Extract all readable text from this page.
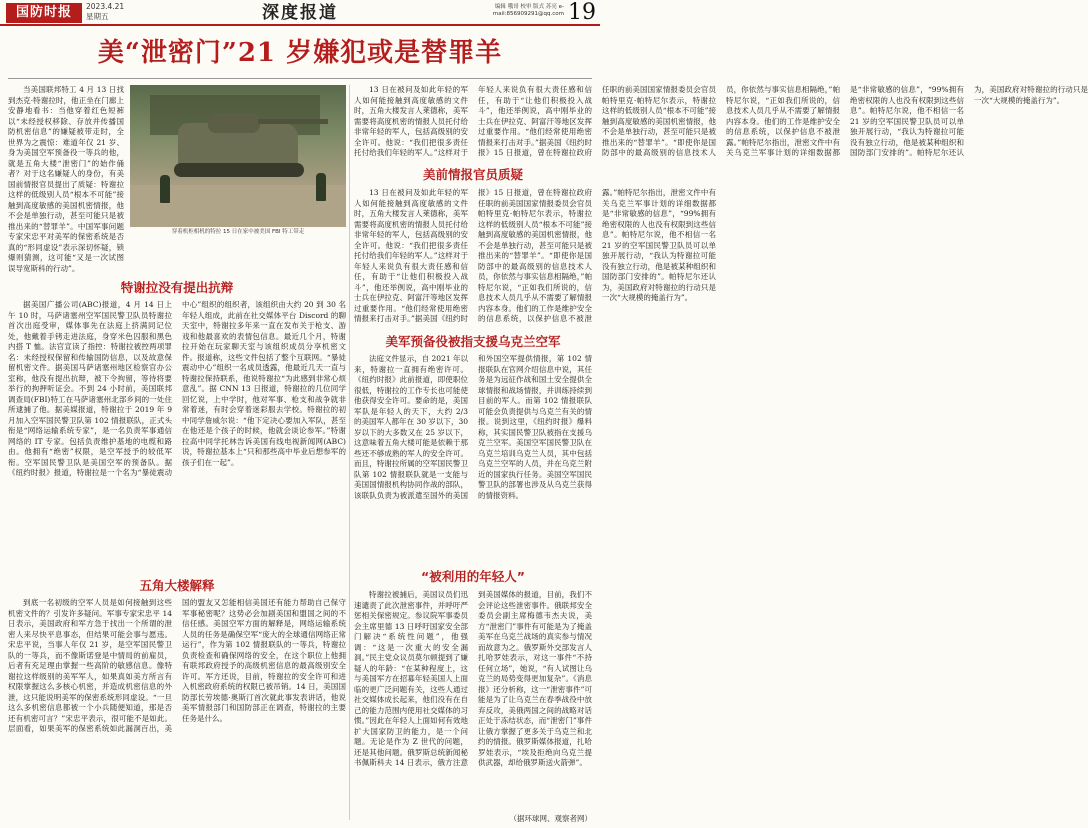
国防时报	2023.4.21
星期五	深度报道	编辑 哦哥 校审 版式 苏亮 e-mail:856909291@qq.com 19
美“泄密门”21 岁嫌犯或是替罪羊
穿着机柜相机的特拉 15 日在家中被美国 FBI 特工带走

当美国联邦特工 4 月 13 日找到杰克·特谢拉时，他正坐在门廊上安静地看书：当他穿着红色短裤以“未经授权移除、存放并传播国防机密信息”的嫌疑被带走时，全世界为之震惊：难道年仅 21 岁、身为美国空军预备役一等兵的他，就是五角大楼“泄密门”的始作俑者？对于这名嫌疑人的身份，有美国前情报官员提出了质疑：特谢拉这样的低级别人员“根本不可能”接触到高度敏感的美国机密情报，他不会是单独行动，甚至可能只是被推出来的“替罪羊”。中国军事问题专家宋忠平对美军的保密系统是否真的“形同虚设”表示深切怀疑，锁爆则猜测，这可能“又是一次试图误导宽斯科的行动”。

特谢拉没有提出抗辩

据美国广播公司(ABC)报道，4 月 14 日上午 10 时，马萨诸塞州空军国民警卫队员特谢拉首次出庭受审，媒体事先在法庭上挤满同记位处，他戴着手铐走进法庭，身穿米色囚服和黑色内搭 T 恤。法官宣读了指控：特谢拉被控两项罪名：未经授权保留和传输国防信息，以及故意保留机密文件。据美国马萨诸塞州地区检察官办公室称，他没有提出抗辩，被下令拘留，等待将要举行的拘押听证会。不到 24 小时前，美国联邦调查局(FBI)特工在马萨诸塞州北部乡间的一处住所逮捕了他。据美媒报道，特谢拉于 2019 年 9 月加入空军国民警卫队第 102 情报联队，正式头衔是“网络运输系统专家”，是一名负责军事通信网络的 IT 专家。包括负责维护基地的电缆和路由。他拥有“绝密”权限，是空军授予的较低军衔。空军国民警卫队是美国空军的预备队。据《纽约时报》报道，特谢拉是一个名为“暴徒震动中心”组织的组织者，该组织由大约 20 到 30 名年轻人组成，此前在社交媒体平台 Discord 的聊天室中，特谢拉多年来一直在发布关于枪支、游戏和他最喜欢的表情包信息。最近几个月，特谢拉开始在玩家聊天室与该组织成员分享机密文件。报道称，这些文件包括了整个互联网。“暴徒震动中心”组织一名成员透露，他最近几天一直与特谢拉保持联系，他说特谢拉“为此感到非常心烦意乱”。据 CNN 13 日报道，特谢拉的几位同学回忆说，上中学时，他对军事、枪支和战争就非常着迷，有时会穿着迷彩服去学校。特谢拉的初中同学詹威尔说：“他下定决心要加入军队，甚至在他还是个孩子的时候，他就会谈论参军。”特谢拉高中同学托林告诉美国有线电视新闻网(ABC)说，特谢拉基本上“只和那些高中毕业后想参军的孩子们在一起”。

五角大楼解释

到底一名初级的空军人员是如何接触到这些机密文件的？引发许多疑问。军事专家宋忠平 14 日表示，美国政府和军方急于找出一个所谓的泄密人来尽快平息事态，但结果可能会事与愿违。宋忠平说，当事人年仅 21 岁，是空军国民警卫队的一等兵，而不像斯诺登是中情局的前雇员，后者有充足理由掌握一些高阶的敏感信息。像特谢拉这样级别的美军军人，如果真如美方所言有权限掌握这么多核心机密，并造成机密信息的外泄，这只能说明美军的保密系统形同虚设。“一旦这么多机密信息都被一个小兵随便知道，那是否还有机密可言？”宋忠平表示，很可能不是如此。层面看，如果美军的保密系统如此漏洞百出，美国的盟友又怎能相信美国还有能力帮助自己保守军事秘密呢？这势必会加剧美国和盟国之间的不信任感。美国空军方面的解释是，网络运输系统人员的任务是确保空军“庞大的全球通信网络正常运行”，作为第 102 情报联队的一等兵，特谢拉负责检查和确保网络的安全，在这个职位上他拥有联邦政府授予的高级机密信息的最高级别安全许可。军方还说，目前，特谢拉的安全许可和进入机密政府系统的权限已被吊销。14 日，美国国防部长劳埃德·奥斯汀首次就此事发表讲话，他说美军情报部门和国防部正在调查，特谢拉的主要任务是什么。

13 日在被问及如此年轻的军人如何能接触到高度敏感的文件时，五角大楼发言人莱德称，美军需要将高度机密的情报人员托付给非常年轻的军人，包括高级别的安全许可。他说：“我们把很多责任托付给我们年轻的军人。”这样对于年轻人来说负有很大责任感和信任，有助于“让他们积极投入战斗”，他还举例说，高中刚毕业的士兵在伊拉克、阿富汗等地区发挥过重要作用。“他们经常使用绝密情报来打击对手。”据美国《纽约时报》15 日报道，曾在特谢拉政府任职的前美国国家情报委员会官员帕特里克·帕特尼尔表示，特谢拉这样的低级别人员“根本不可能”接触到高度敏感的美国机密情报，他不会是单独行动，甚至可能只是被推出来的“替罪羊”。“即使你是国防部中的最高级别的信息技术人员，你依然与事实信息相隔绝，”帕特尼尔说，“正如我们所说的，信息技术人员几乎从不需要了解情报内容本身。他们的工作是维护安全的信息系统，以保护信息不被泄露。”帕特尼尔指出，泄密文件中有关乌克兰军事计划的详细数据都是“非常敏感的信息”，“99%拥有绝密权限的人也没有权限到这些信息”。帕特尼尔说，他不相信一名 21 岁的空军国民警卫队员可以单独开展行动，“我认为特谢拉可能没有独立行动，他是被某种组织和国防部门安排的”。帕特尼尔还认为，美国政府对特谢拉的行动只是一次“大规模的掩盖行为”。

美前情报官员质疑

13 日在被问及如此年轻的军人如何能接触到高度敏感的文件时，五角大楼发言人莱德称，美军需要将高度机密的情报人员托付给非常年轻的军人，包括高级别的安全许可。他说：“我们把很多责任托付给我们年轻的军人。”这样对于年轻人来说负有很大责任感和信任，有助于“让他们积极投入战斗”，他还举例说，高中刚毕业的士兵在伊拉克、阿富汗等地区发挥过重要作用。“他们经常使用绝密情报来打击对手。”据美国《纽约时报》15 日报道，曾在特谢拉政府任职的前美国国家情报委员会官员帕特里克·帕特尼尔表示，特谢拉这样的低级别人员“根本不可能”接触到高度敏感的美国机密情报，他不会是单独行动，甚至可能只是被推出来的“替罪羊”。“即使你是国防部中的最高级别的信息技术人员，你依然与事实信息相隔绝，”帕特尼尔说，“正如我们所说的，信息技术人员几乎从不需要了解情报内容本身。他们的工作是维护安全的信息系统，以保护信息不被泄露。”帕特尼尔指出，泄密文件中有关乌克兰军事计划的详细数据都是“非常敏感的信息”，“99%拥有绝密权限的人也没有权限到这些信息”。帕特尼尔说，他不相信一名 21 岁的空军国民警卫队员可以单独开展行动，“我认为特谢拉可能没有独立行动，他是被某种组织和国防部门安排的”。帕特尼尔还认为，美国政府对特谢拉的行动只是一次“大规模的掩盖行为”。

美军预备役被指支援乌克兰空军

法庭文件显示，自 2021 年以来，特谢拉一直拥有绝密许可。《纽约时报》此前报道，即使职位很低，特谢拉的工作专长也可能使他获得安全许可。要命的是，美国军队是年轻人的天下，大约 2/3 的美国军人都年在 30 岁以下，30 岁以下的大多数又在 25 岁以下，这意味着五角大楼可能是依赖于那些还不够成熟的军人的安全许可。而且，特谢拉所属的空军国民警卫队第 102 情报联队就是一支能与美国国情报机构协同作战的部队，该联队负责为被派遣至国外的美国和外国空军提供情报，第 102 情报联队在官网介绍信息中说，其任务是为远征作战和国土安全提供全球情报和战场情报，并训练持续到目前的军人。而第 102 情报联队可能会负责提供与乌克兰有关的情报。说到这里，《纽约时报》爆料称，其实国民警卫队被指在支援乌克兰空军。美国空军国民警卫队在乌克兰培训乌克兰人员，其中包括乌克兰空军的人员，并在乌克兰附近的国家执行任务。美国空军国民警卫队的部署也涉及从乌克兰获得的情报资料。

“被利用的年轻人”

特谢拉被捕后，美国议员们迅速谴责了此次泄密事件，并呼吁严惩相关保密规定。参议院军事委员会主席里德 13 日呼吁国家安全部门解决“系统性问题”，他强调：“这是一次重大的安全漏洞。”民主党众议员莫尔顿提到了嫌疑人的年龄：“在某种程度上，这与美国军方在招募年轻美国人上面临的更广泛问题有关，这些人通过社交媒体成长起来，他们没有在自己的能力范围内使用社交媒体的习惯。”因此在年轻人上面如何有效地扩大国家防卫的能力，是一个问题。无论是作为 Z 世代的问题，还是其他问题。俄罗斯总统新闻秘书佩斯科夫 14 日表示，俄方注意到美国媒体的报道，目前，我们不会评论这些泄密事件。俄联邦安全委员会副主席梅德韦杰夫说，美方“泄密门”事件有可能是为了掩盖美军在乌克兰战场的真实参与情况而故意为之。俄罗斯外交部发言人扎哈罗娃表示，对这一事件“不持任何立场”，她说，“有人试图让乌克兰的局势变得更加复杂”。《消息报》还分析称，这一“泄密事件”可能是为了让乌克兰在春季战役中放弃反攻，美俄两国之间的战略对话正处于冻结状态，而“泄密门”事件让俄方掌握了更多关于乌克兰和北约的情报。俄罗斯媒体报道，扎哈罗娃表示，“埃及拒绝向乌克兰提供武器，却给俄罗斯送火箭弹”。

（据环球网、观察者网）
